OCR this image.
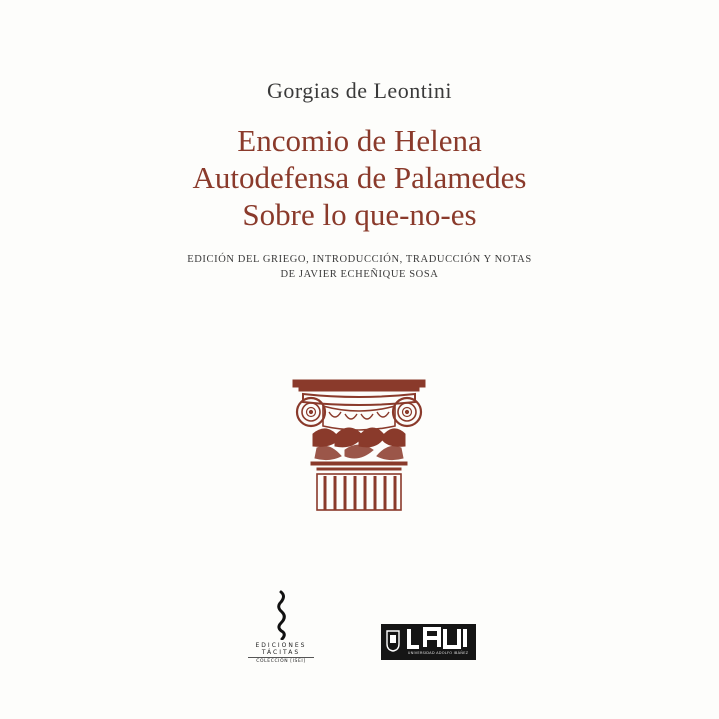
Gorgias de Leontini
Encomio de Helena
Autodefensa de Palamedes
Sobre lo que-no-es
EDICIÓN DEL GRIEGO, INTRODUCCIÓN, TRADUCCIÓN Y NOTAS
DE JAVIER ECHEÑIQUE SOSA
EDICIONES
TÁCITAS
COLECCIÓN [ISEI]
UNIVERSIDAD ADOLFO IBÁÑEZ
